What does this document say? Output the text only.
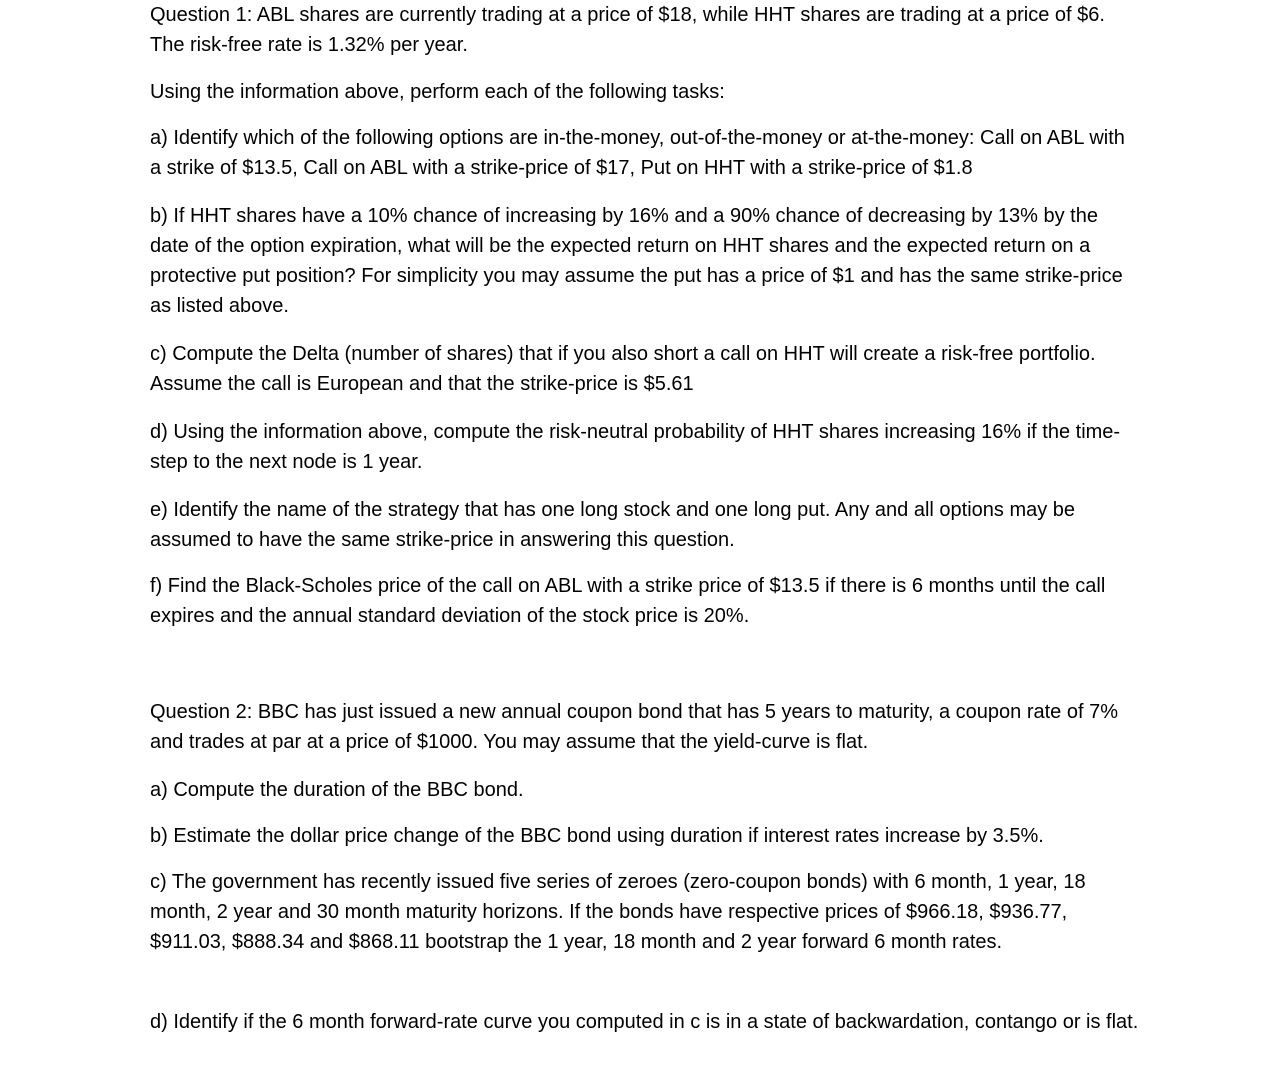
Question 1: ABL shares are currently trading at a price of $18, while HHT shares are trading at a price of $6. The risk-free rate is 1.32% per year.

Using the information above, perform each of the following tasks:

a) Identify which of the following options are in-the-money, out-of-the-money or at-the-money: Call on ABL with a strike of $13.5, Call on ABL with a strike-price of $17, Put on HHT with a strike-price of $1.8

b) If HHT shares have a 10% chance of increasing by 16% and a 90% chance of decreasing by 13% by the date of the option expiration, what will be the expected return on HHT shares and the expected return on a protective put position? For simplicity you may assume the put has a price of $1 and has the same strike-price as listed above.

c) Compute the Delta (number of shares) that if you also short a call on HHT will create a risk-free portfolio. Assume the call is European and that the strike-price is $5.61

d) Using the information above, compute the risk-neutral probability of HHT shares increasing 16% if the time-step to the next node is 1 year.

e) Identify the name of the strategy that has one long stock and one long put. Any and all options may be assumed to have the same strike-price in answering this question.

f) Find the Black-Scholes price of the call on ABL with a strike price of $13.5 if there is 6 months until the call expires and the annual standard deviation of the stock price is 20%.

Question 2: BBC has just issued a new annual coupon bond that has 5 years to maturity, a coupon rate of 7% and trades at par at a price of $1000. You may assume that the yield-curve is flat.

a) Compute the duration of the BBC bond.

b) Estimate the dollar price change of the BBC bond using duration if interest rates increase by 3.5%.

c) The government has recently issued five series of zeroes (zero-coupon bonds) with 6 month, 1 year, 18 month, 2 year and 30 month maturity horizons. If the bonds have respective prices of $966.18, $936.77, $911.03, $888.34 and $868.11 bootstrap the 1 year, 18 month and 2 year forward 6 month rates.

d) Identify if the 6 month forward-rate curve you computed in c is in a state of backwardation, contango or is flat.
